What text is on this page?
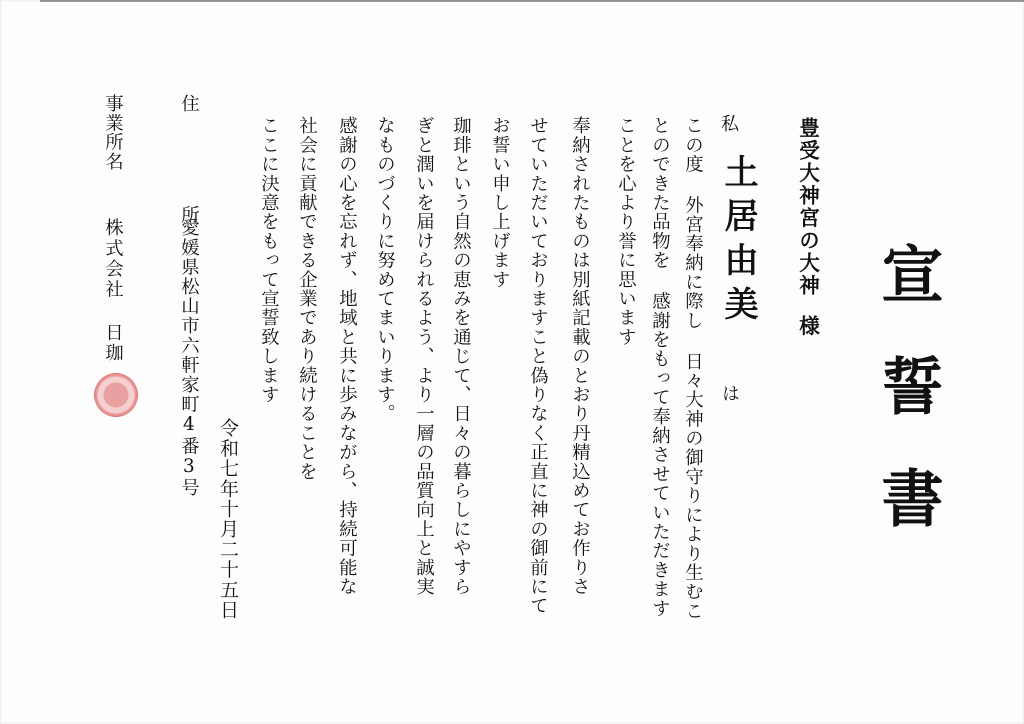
宣誓書
豊受大神宮の大神様
私
土居由美
は
この度 外宮奉納に際し 日々大神の御守りにより生むこ
とのできた品物を 感謝をもって奉納させていただきます
ことを心より誉に思います
奉納されたものは別紙記載のとおり丹精込めてお作りさ
せていただいておりますこと偽りなく正直に神の御前にて
お誓い申し上げます
珈琲という自然の恵みを通じて、日々の暮らしにやすら
ぎと潤いを届けられるよう、より一層の品質向上と誠実
なものづくりに努めてまいります。
感謝の心を忘れず、地域と共に歩みながら、持続可能な
社会に貢献できる企業であり続けることを
ここに決意をもって宣誓致します
令和七年十月二十五日
住 所
愛媛県松山市六軒家町4番3号
事業所名
株式会社 日珈
